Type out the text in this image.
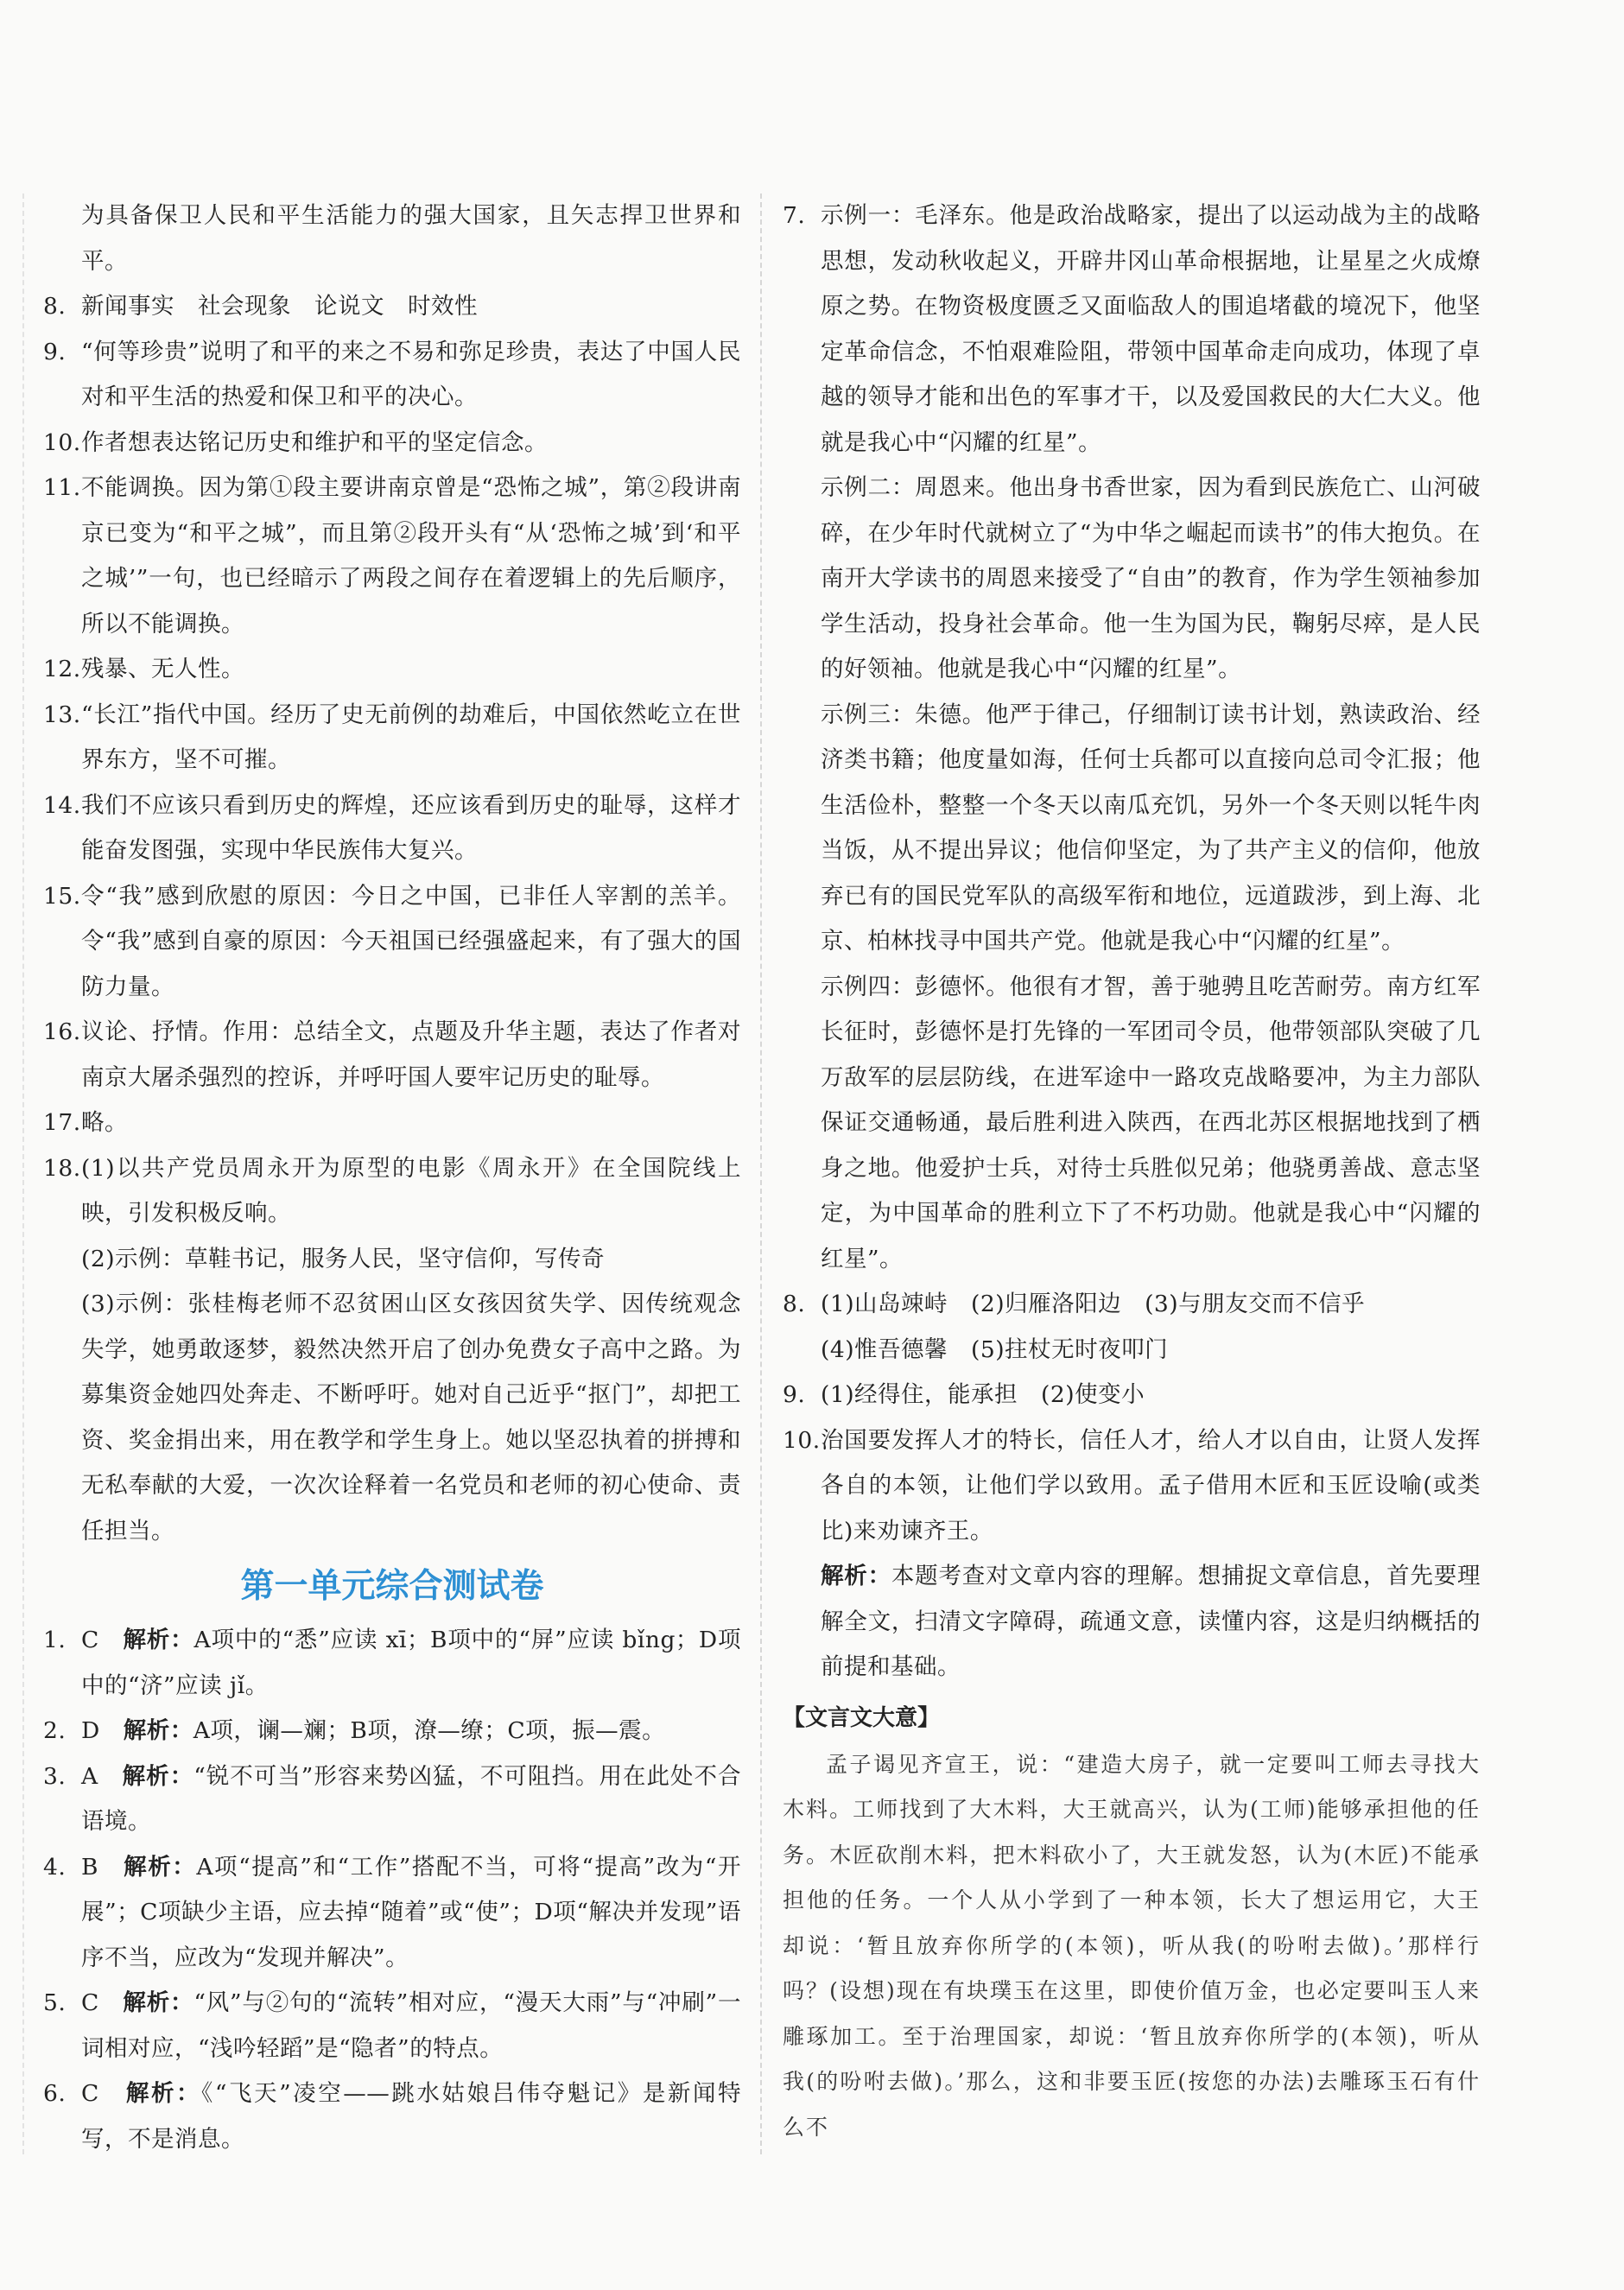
为具备保卫人民和平生活能力的强大国家，且矢志捍卫世界和平。
8. 新闻事实　社会现象　论说文　时效性
9. “何等珍贵”说明了和平的来之不易和弥足珍贵，表达了中国人民对和平生活的热爱和保卫和平的决心。
10. 作者想表达铭记历史和维护和平的坚定信念。
11. 不能调换。因为第①段主要讲南京曾是“恐怖之城”，第②段讲南京已变为“和平之城”，而且第②段开头有“从‘恐怖之城’到‘和平之城’”一句，也已经暗示了两段之间存在着逻辑上的先后顺序，所以不能调换。
12. 残暴、无人性。
13. “长江”指代中国。经历了史无前例的劫难后，中国依然屹立在世界东方，坚不可摧。
14. 我们不应该只看到历史的辉煌，还应该看到历史的耻辱，这样才能奋发图强，实现中华民族伟大复兴。
15. 令“我”感到欣慰的原因：今日之中国，已非任人宰割的羔羊。令“我”感到自豪的原因：今天祖国已经强盛起来，有了强大的国防力量。
16. 议论、抒情。作用：总结全文，点题及升华主题，表达了作者对南京大屠杀强烈的控诉，并呼吁国人要牢记历史的耻辱。
17. 略。
18. (1)以共产党员周永开为原型的电影《周永开》在全国院线上映，引发积极反响。
(2)示例：草鞋书记，服务人民，坚守信仰，写传奇
(3)示例：张桂梅老师不忍贫困山区女孩因贫失学、因传统观念失学，她勇敢逐梦，毅然决然开启了创办免费女子高中之路。为募集资金她四处奔走、不断呼吁。她对自己近乎“抠门”，却把工资、奖金捐出来，用在教学和学生身上。她以坚忍执着的拼搏和无私奉献的大爱，一次次诠释着一名党员和老师的初心使命、责任担当。
第一单元综合测试卷
1. C　 解析：A项中的“悉”应读 xī；B项中的“屏”应读 bǐng；D项中的“济”应读 jǐ。
2. D　 解析：A项，谰—斓；B项，潦—缭；C项，振—震。
3. A　 解析：“锐不可当”形容来势凶猛，不可阻挡。用在此处不合语境。
4. B　 解析：A项“提高”和“工作”搭配不当，可将“提高”改为“开展”；C项缺少主语，应去掉“随着”或“使”；D项“解决并发现”语序不当，应改为“发现并解决”。
5. C　 解析：“风”与②句的“流转”相对应，“漫天大雨”与“冲刷”一词相对应，“浅吟轻蹈”是“隐者”的特点。
6. C　 解析：《“飞天”凌空——跳水姑娘吕伟夺魁记》是新闻特写，不是消息。
7. 示例一：毛泽东。他是政治战略家，提出了以运动战为主的战略思想，发动秋收起义，开辟井冈山革命根据地，让星星之火成燎原之势。在物资极度匮乏又面临敌人的围追堵截的境况下，他坚定革命信念，不怕艰难险阻，带领中国革命走向成功，体现了卓越的领导才能和出色的军事才干，以及爱国救民的大仁大义。他就是我心中“闪耀的红星”。
示例二：周恩来。他出身书香世家，因为看到民族危亡、山河破碎，在少年时代就树立了“为中华之崛起而读书”的伟大抱负。在南开大学读书的周恩来接受了“自由”的教育，作为学生领袖参加学生活动，投身社会革命。他一生为国为民，鞠躬尽瘁，是人民的好领袖。他就是我心中“闪耀的红星”。
示例三：朱德。他严于律己，仔细制订读书计划，熟读政治、经济类书籍；他度量如海，任何士兵都可以直接向总司令汇报；他生活俭朴，整整一个冬天以南瓜充饥，另外一个冬天则以牦牛肉当饭，从不提出异议；他信仰坚定，为了共产主义的信仰，他放弃已有的国民党军队的高级军衔和地位，远道跋涉，到上海、北京、柏林找寻中国共产党。他就是我心中“闪耀的红星”。
示例四：彭德怀。他很有才智，善于驰骋且吃苦耐劳。南方红军长征时，彭德怀是打先锋的一军团司令员，他带领部队突破了几万敌军的层层防线，在进军途中一路攻克战略要冲，为主力部队保证交通畅通，最后胜利进入陕西，在西北苏区根据地找到了栖身之地。他爱护士兵，对待士兵胜似兄弟；他骁勇善战、意志坚定，为中国革命的胜利立下了不朽功勋。他就是我心中“闪耀的红星”。
8. (1)山岛竦峙　(2)归雁洛阳边　(3)与朋友交而不信乎
(4)惟吾德馨　(5)拄杖无时夜叩门
9. (1)经得住，能承担　(2)使变小
10. 治国要发挥人才的特长，信任人才，给人才以自由，让贤人发挥各自的本领，让他们学以致用。孟子借用木匠和玉匠设喻(或类比)来劝谏齐王。
解析：本题考查对文章内容的理解。想捕捉文章信息，首先要理解全文，扫清文字障碍，疏通文意，读懂内容，这是归纳概括的前提和基础。
【文言文大意】
孟子谒见齐宣王，说：“建造大房子，就一定要叫工师去寻找大木料。工师找到了大木料，大王就高兴，认为(工师)能够承担他的任务。木匠砍削木料，把木料砍小了，大王就发怒，认为(木匠)不能承担他的任务。一个人从小学到了一种本领，长大了想运用它，大王却说：‘暂且放弃你所学的(本领)，听从我(的吩咐去做)。’那样行吗？(设想)现在有块璞玉在这里，即使价值万金，也必定要叫玉人来雕琢加工。至于治理国家，却说：‘暂且放弃你所学的(本领)，听从我(的吩咐去做)。’那么，这和非要玉匠(按您的办法)去雕琢玉石有什么不
